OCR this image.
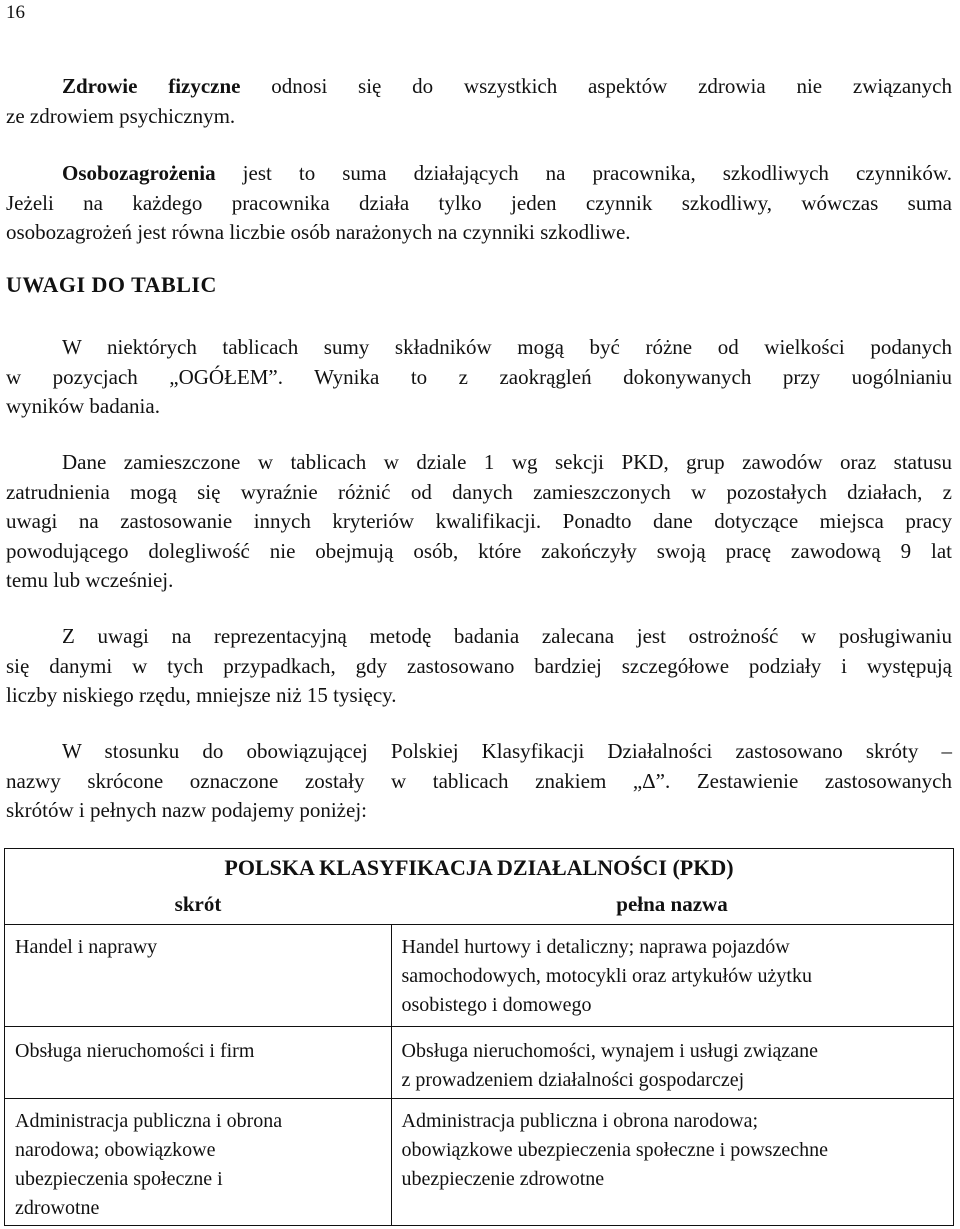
16

Zdrowie fizyczne odnosi się do wszystkich aspektów zdrowia nie związanych
ze zdrowiem psychicznym.

Osobozagrożenia jest to suma działających na pracownika, szkodliwych czynników.
Jeżeli na każdego pracownika działa tylko jeden czynnik szkodliwy, wówczas suma
osobozagrożeń jest równa liczbie osób narażonych na czynniki szkodliwe.

UWAGI DO TABLIC

W niektórych tablicach sumy składników mogą być różne od wielkości podanych
w pozycjach „OGÓŁEM”. Wynika to z zaokrągleń dokonywanych przy uogólnianiu
wyników badania.

Dane zamieszczone w tablicach w dziale 1 wg sekcji PKD, grup zawodów oraz statusu
zatrudnienia mogą się wyraźnie różnić od danych zamieszczonych w pozostałych działach, z
uwagi na zastosowanie innych kryteriów kwalifikacji. Ponadto dane dotyczące miejsca pracy
powodującego dolegliwość nie obejmują osób, które zakończyły swoją pracę zawodową 9 lat
temu lub wcześniej.

Z uwagi na reprezentacyjną metodę badania zalecana jest ostrożność w posługiwaniu
się danymi w tych przypadkach, gdy zastosowano bardziej szczegółowe podziały i występują
liczby niskiego rzędu, mniejsze niż 15 tysięcy.

W stosunku do obowiązującej Polskiej Klasyfikacji Działalności zastosowano skróty –
nazwy skrócone oznaczone zostały w tablicach znakiem „Δ”. Zestawienie zastosowanych
skrótów i pełnych nazw podajemy poniżej:

POLSKA KLASYFIKACJA DZIAŁALNOŚCI (PKD)	
skrót	pełna nazwa

Handel i naprawy	Handel hurtowy i detaliczny; naprawa pojazdów
samochodowych, motocykli oraz artykułów użytku
osobistego i domowego

Obsługa nieruchomości i firm	Obsługa nieruchomości, wynajem i usługi związane
z prowadzeniem działalności gospodarczej

Administracja publiczna i obrona
narodowa; obowiązkowe
ubezpieczenia społeczne i
zdrowotne	Administracja publiczna i obrona narodowa;
obowiązkowe ubezpieczenia społeczne i powszechne
ubezpieczenie zdrowotne
